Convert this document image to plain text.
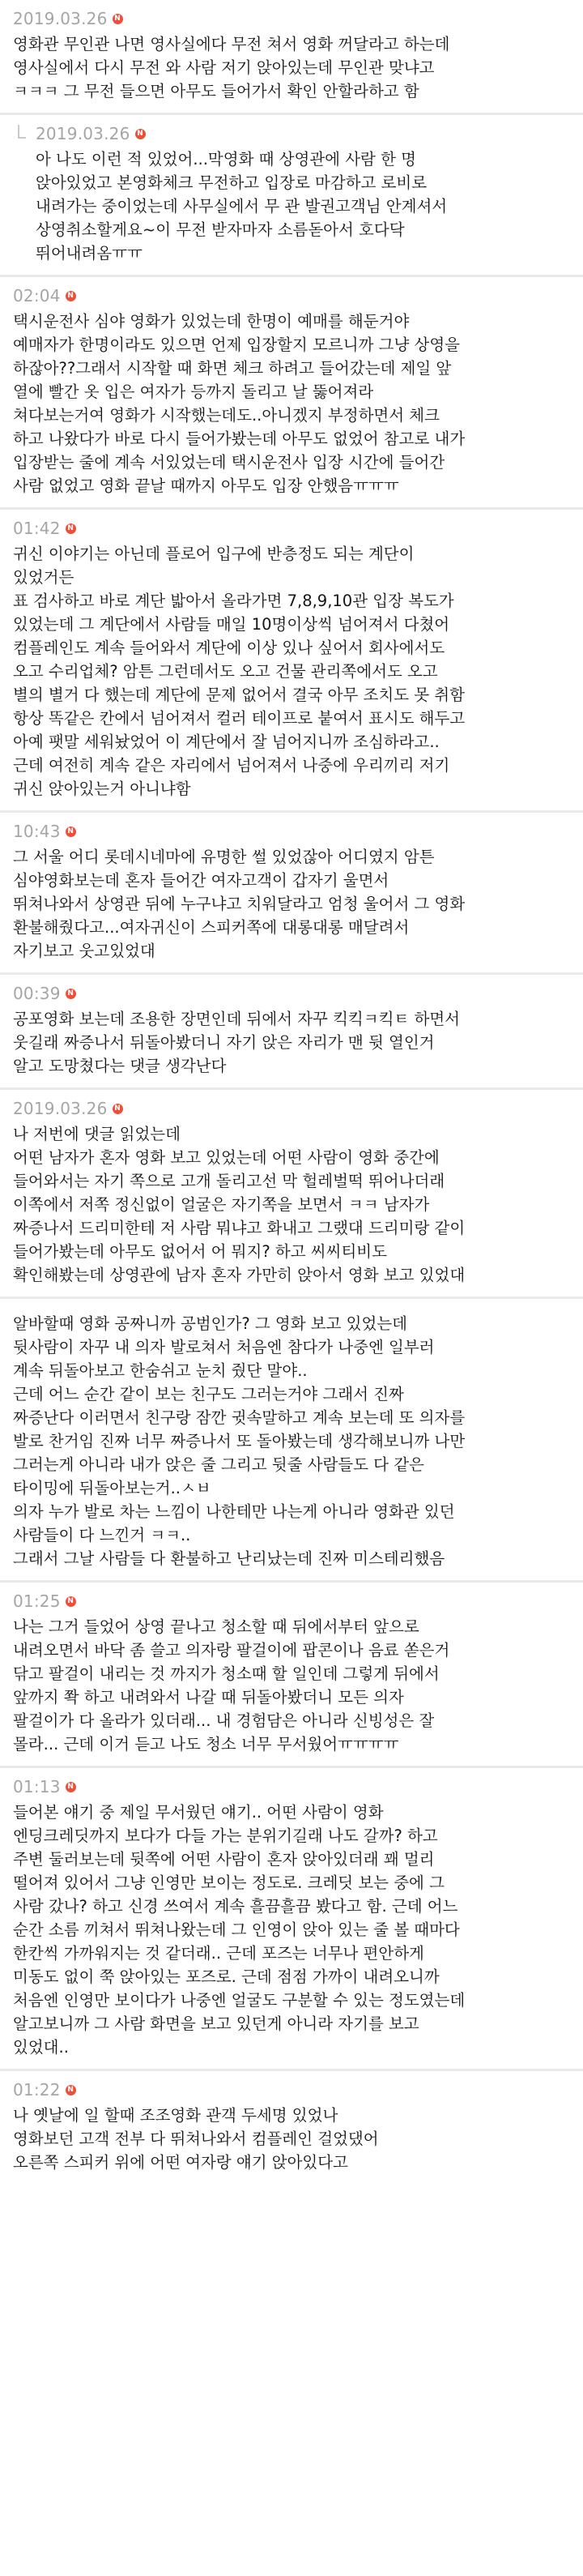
2019.03.26 N

영화관 무인관 나면 영사실에다 무전 쳐서 영화 꺼달라고 하는데
영사실에서 다시 무전 와 사람 저기 앉아있는데 무인관 맞냐고
ㅋㅋㅋ 그 무전 들으면 아무도 들어가서 확인 안할라하고 함

2019.03.26 N

아 나도 이런 적 있었어...막영화 때 상영관에 사람 한 명
앉아있었고 본영화체크 무전하고 입장로 마감하고 로비로
내려가는 중이었는데 사무실에서 무 관 발권고객님 안계셔서
상영취소할게요~이 무전 받자마자 소름돋아서 호다닥
뛰어내려옴ㅠㅠ

02:04 N

택시운전사 심야 영화가 있었는데 한명이 예매를 해둔거야
예매자가 한명이라도 있으면 언제 입장할지 모르니까 그냥 상영을
하잖아??그래서 시작할 때 화면 체크 하려고 들어갔는데 제일 앞
열에 빨간 옷 입은 여자가 등까지 돌리고 날 뚫어져라
쳐다보는거여 영화가 시작했는데도..아니겠지 부정하면서 체크
하고 나왔다가 바로 다시 들어가봤는데 아무도 없었어 참고로 내가
입장받는 줄에 계속 서있었는데 택시운전사 입장 시간에 들어간
사람 없었고 영화 끝날 때까지 아무도 입장 안했음ㅠㅠㅠ

01:42 N

귀신 이야기는 아닌데 플로어 입구에 반층정도 되는 계단이
있었거든
표 검사하고 바로 계단 밟아서 올라가면 7,8,9,10관 입장 복도가
있었는데 그 계단에서 사람들 매일 10명이상씩 넘어져서 다쳤어
컴플레인도 계속 들어와서 계단에 이상 있나 싶어서 회사에서도
오고 수리업체? 암튼 그런데서도 오고 건물 관리쪽에서도 오고
별의 별거 다 했는데 계단에 문제 없어서 결국 아무 조치도 못 취함
항상 똑같은 칸에서 넘어져서 컬러 테이프로 붙여서 표시도 해두고
아예 팻말 세워놨었어 이 계단에서 잘 넘어지니까 조심하라고..
근데 여전히 계속 같은 자리에서 넘어져서 나중에 우리끼리 저기
귀신 앉아있는거 아니냐함

10:43 N

그 서울 어디 롯데시네마에 유명한 썰 있었잖아 어디였지 암튼
심야영화보는데 혼자 들어간 여자고객이 갑자기 울면서
뛰쳐나와서 상영관 뒤에 누구냐고 치워달라고 엄청 울어서 그 영화
환불해줬다고...여자귀신이 스피커쪽에 대롱대롱 매달려서
자기보고 웃고있었대

00:39 N

공포영화 보는데 조용한 장면인데 뒤에서 자꾸 킥킥ㅋ킥ㅌ 하면서
웃길래 짜증나서 뒤돌아봤더니 자기 앉은 자리가 맨 뒷 열인거
알고 도망쳤다는 댓글 생각난다

2019.03.26 N

나 저번에 댓글 읽었는데
어떤 남자가 혼자 영화 보고 있었는데 어떤 사람이 영화 중간에
들어와서는 자기 쪽으로 고개 돌리고선 막 헐레벌떡 뛰어나더래
이쪽에서 저쪽 정신없이 얼굴은 자기쪽을 보면서 ㅋㅋ 남자가
짜증나서 드리미한테 저 사람 뭐냐고 화내고 그랬대 드리미랑 같이
들어가봤는데 아무도 없어서 어 뭐지? 하고 씨씨티비도
확인해봤는데 상영관에 남자 혼자 가만히 앉아서 영화 보고 있었대

알바할때 영화 공짜니까 공범인가? 그 영화 보고 있었는데
뒷사람이 자꾸 내 의자 발로쳐서 처음엔 참다가 나중엔 일부러
계속 뒤돌아보고 한숨쉬고 눈치 줬단 말야..
근데 어느 순간 같이 보는 친구도 그러는거야 그래서 진짜
짜증난다 이러면서 친구랑 잠깐 귓속말하고 계속 보는데 또 의자를
발로 찬거임 진짜 너무 짜증나서 또 돌아봤는데 생각해보니까 나만
그러는게 아니라 내가 앉은 줄 그리고 뒷줄 사람들도 다 같은
타이밍에 뒤돌아보는거..ㅅㅂ
의자 누가 발로 차는 느낌이 나한테만 나는게 아니라 영화관 있던
사람들이 다 느낀거 ㅋㅋ..
그래서 그날 사람들 다 환불하고 난리났는데 진짜 미스테리했음

01:25 N

나는 그거 들었어 상영 끝나고 청소할 때 뒤에서부터 앞으로
내려오면서 바닥 좀 쓸고 의자랑 팔걸이에 팝콘이나 음료 쏟은거
닦고 팔걸이 내리는 것 까지가 청소때 할 일인데 그렇게 뒤에서
앞까지 쫙 하고 내려와서 나갈 때 뒤돌아봤더니 모든 의자
팔걸이가 다 올라가 있더래... 내 경험담은 아니라 신빙성은 잘
몰라... 근데 이거 듣고 나도 청소 너무 무서웠어ㅠㅠㅠㅠ

01:13 N

들어본 얘기 중 제일 무서웠던 얘기.. 어떤 사람이 영화
엔딩크레딧까지 보다가 다들 가는 분위기길래 나도 갈까? 하고
주변 둘러보는데 뒷쪽에 어떤 사람이 혼자 앉아있더래 꽤 멀리
떨어져 있어서 그냥 인영만 보이는 정도로. 크레딧 보는 중에 그
사람 갔나? 하고 신경 쓰여서 계속 흘끔흘끔 봤다고 함. 근데 어느
순간 소름 끼쳐서 뛰쳐나왔는데 그 인영이 앉아 있는 줄 볼 때마다
한칸씩 가까워지는 것 같더래.. 근데 포즈는 너무나 편안하게
미동도 없이 쭉 앉아있는 포즈로. 근데 점점 가까이 내려오니까
처음엔 인영만 보이다가 나중엔 얼굴도 구분할 수 있는 정도였는데
알고보니까 그 사람 화면을 보고 있던게 아니라 자기를 보고
있었대..

01:22 N

나 옛날에 일 할때 조조영화 관객 두세명 있었나
영화보던 고객 전부 다 뛰쳐나와서 컴플레인 걸었댔어
오른쪽 스피커 위에 어떤 여자랑 얘기 앉아있다고
